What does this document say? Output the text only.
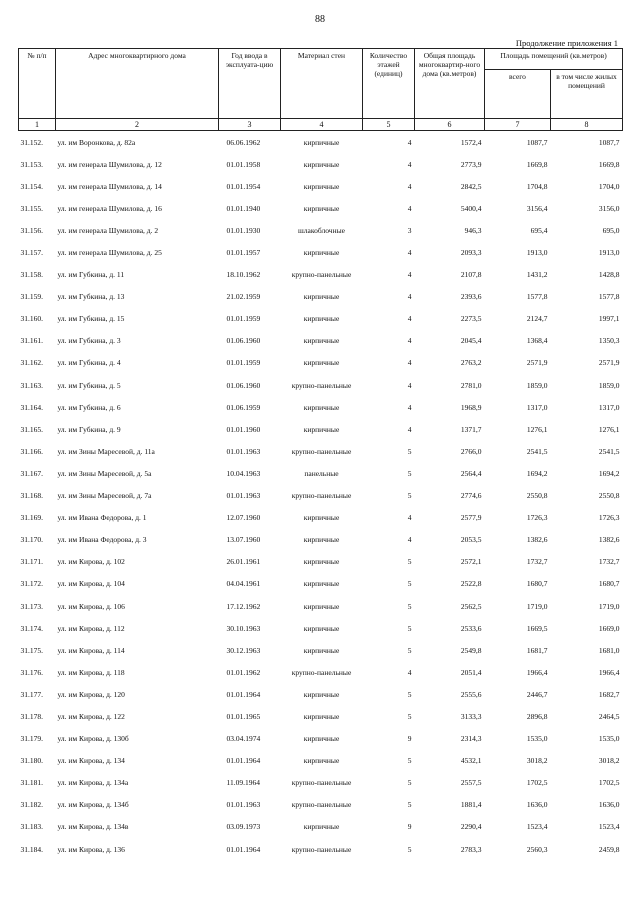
88
Продолжение приложения 1
№ п/п	Адрес многоквартирного дома	Год ввода в эксплуата-цию	Материал стен	Количество этажей (единиц)	Общая площадь многоквартир-ного дома (кв.метров)	Площадь помещений (кв.метров)	
						всего	в том числе жилых помещений
1	2	3	4	5	6	7	8
31.152.	ул. им Воронкова, д. 82а	06.06.1962	кирпичные	4	1572,4	1087,7	1087,7
31.153.	ул. им генерала Шумилова, д. 12	01.01.1958	кирпичные	4	2773,9	1669,8	1669,8
31.154.	ул. им генерала Шумилова, д. 14	01.01.1954	кирпичные	4	2842,5	1704,8	1704,0
31.155.	ул. им генерала Шумилова, д. 16	01.01.1940	кирпичные	4	5400,4	3156,4	3156,0
31.156.	ул. им генерала Шумилова, д. 2	01.01.1930	шлакоблочные	3	946,3	695,4	695,0
31.157.	ул. им генерала Шумилова, д. 25	01.01.1957	кирпичные	4	2093,3	1913,0	1913,0
31.158.	ул. им Губкина, д. 11	18.10.1962	крупно-панельные	4	2107,8	1431,2	1428,8
31.159.	ул. им Губкина, д. 13	21.02.1959	кирпичные	4	2393,6	1577,8	1577,8
31.160.	ул. им Губкина, д. 15	01.01.1959	кирпичные	4	2273,5	2124,7	1997,1
31.161.	ул. им Губкина, д. 3	01.06.1960	кирпичные	4	2045,4	1368,4	1350,3
31.162.	ул. им Губкина, д. 4	01.01.1959	кирпичные	4	2763,2	2571,9	2571,9
31.163.	ул. им Губкина, д. 5	01.06.1960	крупно-панельные	4	2781,0	1859,0	1859,0
31.164.	ул. им Губкина, д. 6	01.06.1959	кирпичные	4	1968,9	1317,0	1317,0
31.165.	ул. им Губкина, д. 9	01.01.1960	кирпичные	4	1371,7	1276,1	1276,1
31.166.	ул. им Зины Маресевой, д. 11а	01.01.1963	крупно-панельные	5	2766,0	2541,5	2541,5
31.167.	ул. им Зины Маресевой, д. 5а	10.04.1963	панельные	5	2564,4	1694,2	1694,2
31.168.	ул. им Зины Маресевой, д. 7а	01.01.1963	крупно-панельные	5	2774,6	2550,8	2550,8
31.169.	ул. им Ивана Федорова, д. 1	12.07.1960	кирпичные	4	2577,9	1726,3	1726,3
31.170.	ул. им Ивана Федорова, д. 3	13.07.1960	кирпичные	4	2053,5	1382,6	1382,6
31.171.	ул. им Кирова, д. 102	26.01.1961	кирпичные	5	2572,1	1732,7	1732,7
31.172.	ул. им Кирова, д. 104	04.04.1961	кирпичные	5	2522,8	1680,7	1680,7
31.173.	ул. им Кирова, д. 106	17.12.1962	кирпичные	5	2562,5	1719,0	1719,0
31.174.	ул. им Кирова, д. 112	30.10.1963	кирпичные	5	2533,6	1669,5	1669,0
31.175.	ул. им Кирова, д. 114	30.12.1963	кирпичные	5	2549,8	1681,7	1681,0
31.176.	ул. им Кирова, д. 118	01.01.1962	крупно-панельные	4	2051,4	1966,4	1966,4
31.177.	ул. им Кирова, д. 120	01.01.1964	кирпичные	5	2555,6	2446,7	1682,7
31.178.	ул. им Кирова, д. 122	01.01.1965	кирпичные	5	3133,3	2896,8	2464,5
31.179.	ул. им Кирова, д. 130б	03.04.1974	кирпичные	9	2314,3	1535,0	1535,0
31.180.	ул. им Кирова, д. 134	01.01.1964	кирпичные	5	4532,1	3018,2	3018,2
31.181.	ул. им Кирова, д. 134а	11.09.1964	крупно-панельные	5	2557,5	1702,5	1702,5
31.182.	ул. им Кирова, д. 134б	01.01.1963	крупно-панельные	5	1881,4	1636,0	1636,0
31.183.	ул. им Кирова, д. 134в	03.09.1973	кирпичные	9	2290,4	1523,4	1523,4
31.184.	ул. им Кирова, д. 136	01.01.1964	крупно-панельные	5	2783,3	2560,3	2459,8
